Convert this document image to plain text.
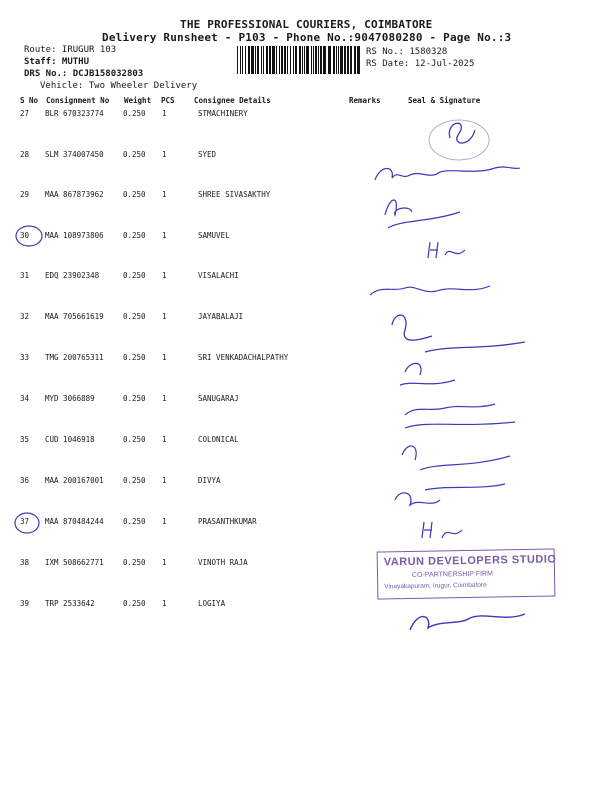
THE PROFESSIONAL COURIERS, COIMBATORE
Delivery Runsheet - P103 - Phone No.:9047080280 - Page No.:3
Route: IRUGUR 103
Staff: MUTHU
DRS No.: DCJB158032803
Vehicle: Two Wheeler Delivery
RS No.: 1580328
RS Date: 12-Jul-2025
S No Consignment No Weight PCS	Consignee Details	Remarks	Seal & Signature
27 BLR 670323774	0.250 1	STMACHINERY
28 SLM 374007450	0.250 1	SYED
29 MAA 867873962	0.250 1	SHREE SIVASAKTHY
30 MAA 108973806	0.250 1	SAMUVEL
31 EDQ 23902348	0.250 1	VISALACHI
32 MAA 705661619	0.250 1	JAYABALAJI
33 TMG 200765311	0.250 1	SRI VENKADACHALPATHY
34 MYD 3066889	0.250 1	SANUGARAJ
35 CUD 1046918	0.250 1	COLONICAL
36 MAA 200167001	0.250 1	DIVYA
37 MAA 870484244	0.250 1	PRASANTHKUMAR
38 IXM 508662771	0.250 1	VINOTH RAJA
39 TRP 2533642	0.250 1	LOGIYA
VARUN DEVELOPERS STUDIO
CO-PARTNERSHIP FIRM
Vinayakapuram, Irugur, Coimbatore
